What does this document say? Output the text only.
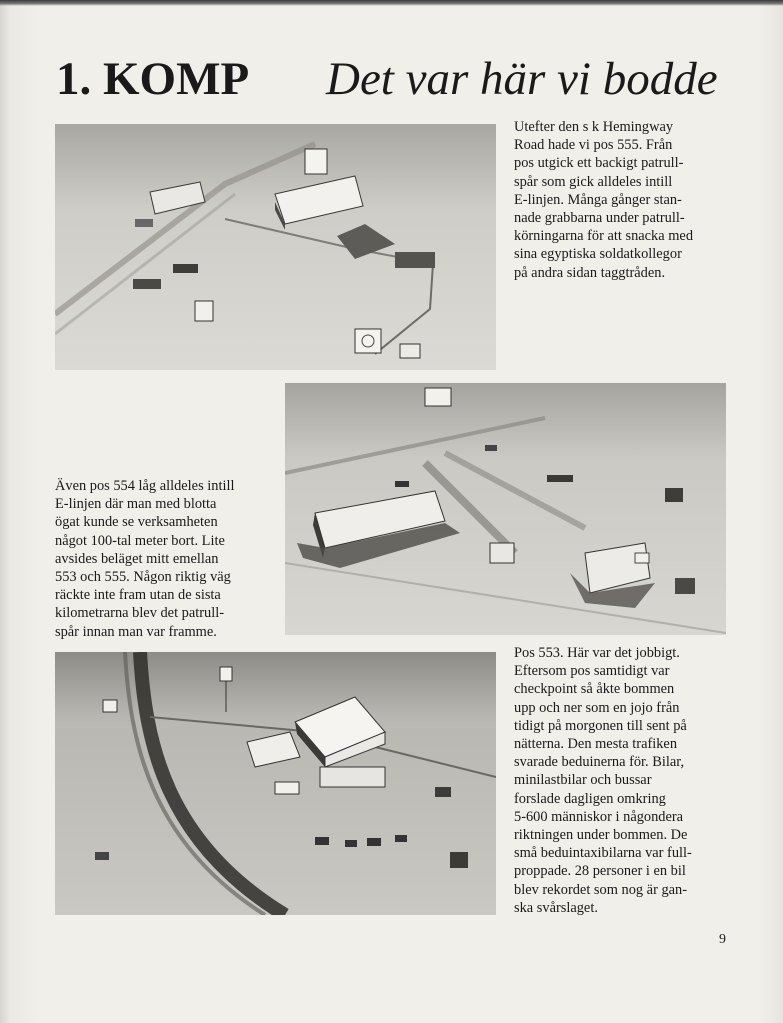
1. KOMP Det var här vi bodde

Utefter den s k Hemingway

Road hade vi pos 555. Från

pos utgick ett backigt patrull-

spår som gick alldeles intill

E-linjen. Många gånger stan-

nade grabbarna under patrull-

körningarna för att snacka med

sina egyptiska soldatkollegor

på andra sidan taggtråden.

Även pos 554 låg alldeles intill

E-linjen där man med blotta

ögat kunde se verksamheten

något 100-tal meter bort. Lite

avsides beläget mitt emellan

553 och 555. Någon riktig väg

räckte inte fram utan de sista

kilometrarna blev det patrull-

spår innan man var framme.

Pos 553. Här var det jobbigt.

Eftersom pos samtidigt var

checkpoint så åkte bommen

upp och ner som en jojo från

tidigt på morgonen till sent på

nätterna. Den mesta trafiken

svarade beduinerna för. Bilar,

minilastbilar och bussar

forslade dagligen omkring

5-600 människor i någondera

riktningen under bommen. De

små beduintaxibilarna var full-

proppade. 28 personer i en bil

blev rekordet som nog är gan-

ska svårslaget.

9
